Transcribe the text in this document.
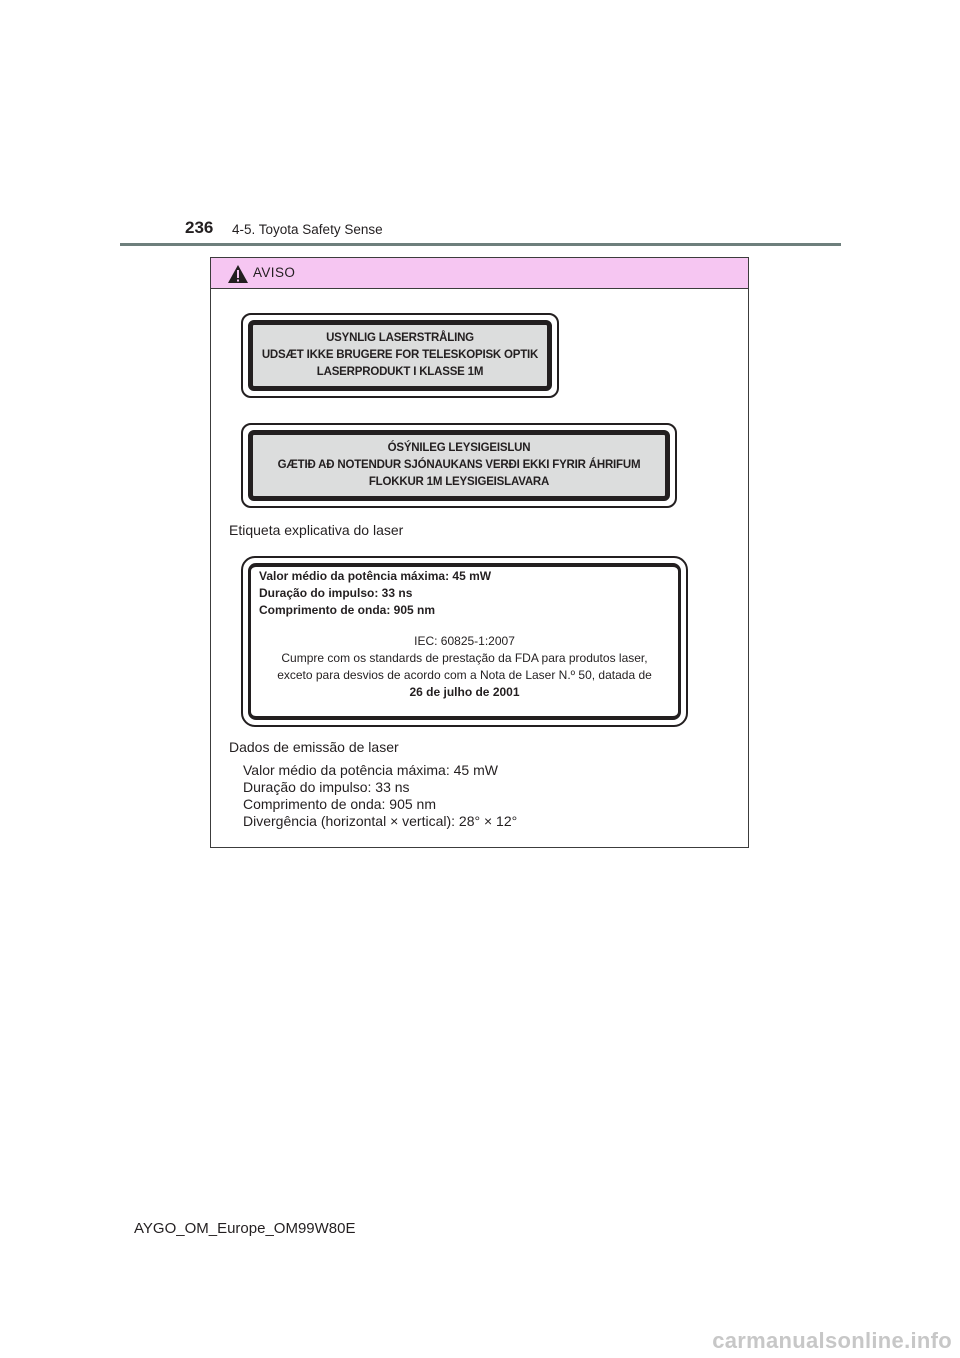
236 4-5. Toyota Safety Sense
AVISO
USYNLIG LASERSTRÅLING
UDSÆT IKKE BRUGERE FOR TELESKOPISK OPTIK
LASERPRODUKT I KLASSE 1M
ÓSÝNILEG LEYSIGEISLUN
GÆTIÐ AÐ NOTENDUR SJÓNAUKANS VERÐI EKKI FYRIR ÁHRIFUM
FLOKKUR 1M LEYSIGEISLAVARA
Etiqueta explicativa do laser
Valor médio da potência máxima: 45 mW
Duração do impulso: 33 ns
Comprimento de onda: 905 nm
IEC: 60825-1:2007
Cumpre com os standards de prestação da FDA para produtos laser,
exceto para desvios de acordo com a Nota de Laser N.º 50, datada de
26 de julho de 2001
Dados de emissão de laser
Valor médio da potência máxima: 45 mW
Duração do impulso: 33 ns
Comprimento de onda: 905 nm
Divergência (horizontal × vertical): 28° × 12°
AYGO_OM_Europe_OM99W80E
carmanualsonline.info
